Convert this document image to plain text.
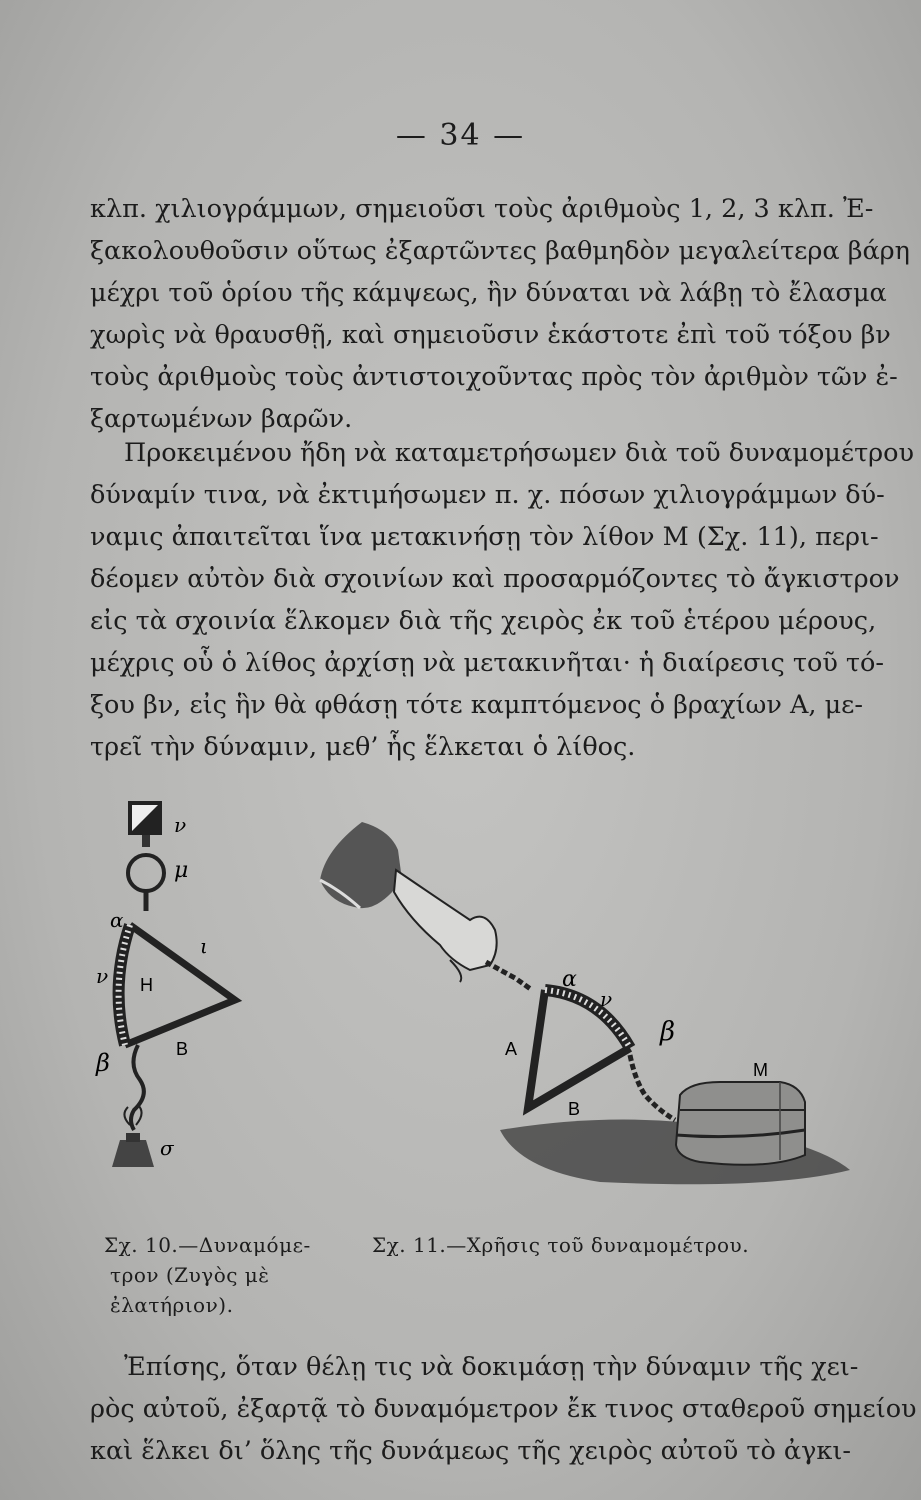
— 34 —

κλπ. χιλιογράμμων, σημειοῦσι τοὺς ἀριθμοὺς 1, 2, 3 κλπ. Ἐ-
ξακολουθοῦσιν οὕτως ἐξαρτῶντες βαθμηδὸν μεγαλείτερα βάρη
μέχρι τοῦ ὁρίου τῆς κάμψεως, ἣν δύναται νὰ λάβῃ τὸ ἔλασμα
χωρὶς νὰ θραυσθῇ, καὶ σημειοῦσιν ἑκάστοτε ἐπὶ τοῦ τόξου βν
τοὺς ἀριθμοὺς τοὺς ἀντιστοιχοῦντας πρὸς τὸν ἀριθμὸν τῶν ἐ-
ξαρτωμένων βαρῶν.

Προκειμένου ἤδη νὰ καταμετρήσωμεν διὰ τοῦ δυναμομέτρου
δύναμίν τινα, νὰ ἐκτιμήσωμεν π. χ. πόσων χιλιογράμμων δύ-
ναμις ἀπαιτεῖται ἵνα μετακινήσῃ τὸν λίθον Μ (Σχ. 11), περι-
δέομεν αὐτὸν διὰ σχοινίων καὶ προσαρμόζοντες τὸ ἄγκιστρον
εἰς τὰ σχοινία ἕλκομεν διὰ τῆς χειρὸς ἐκ τοῦ ἑτέρου μέρους,
μέχρις οὗ ὁ λίθος ἀρχίσῃ νὰ μετακινῆται· ἡ διαίρεσις τοῦ τό-
ξου βν, εἰς ἣν θὰ φθάσῃ τότε καμπτόμενος ὁ βραχίων Α, με-
τρεῖ τὴν δύναμιν, μεθ’ ἧς ἕλκεται ὁ λίθος.

ν
μ
α
ι
ν Η
β	Β
σ
α
ν
β
Α
Β
Μ
Σχ. 10.—Δυναμόμε-
τρον (Ζυγὸς μὲ
ἐλατήριον).
Σχ. 11.—Χρῆσις τοῦ δυναμομέτρου.

Ἐπίσης, ὅταν θέλῃ τις νὰ δοκιμάσῃ τὴν δύναμιν τῆς χει-
ρὸς αὐτοῦ, ἐξαρτᾷ τὸ δυναμόμετρον ἔκ τινος σταθεροῦ σημείου
καὶ ἕλκει δι’ ὅλης τῆς δυνάμεως τῆς χειρὸς αὐτοῦ τὸ ἀγκι-
